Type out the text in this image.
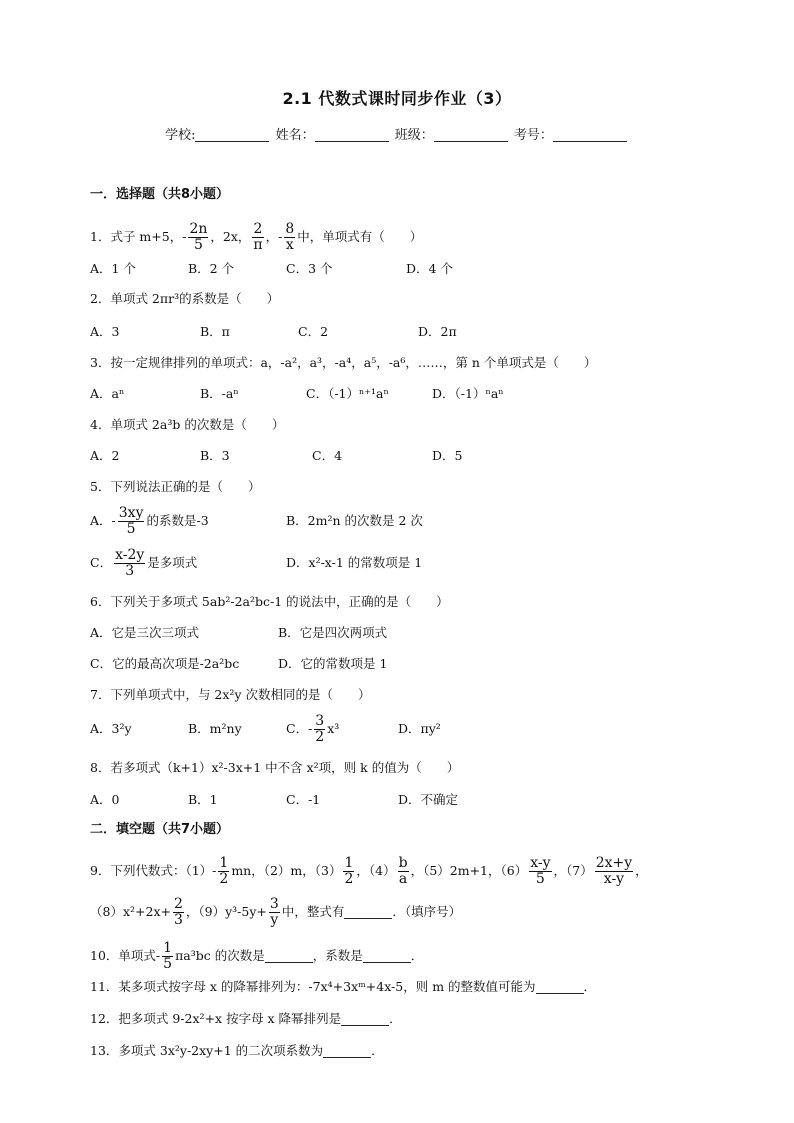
2.1 代数式课时同步作业（3）
学校:	姓名：	班级：	考号：
一．选择题（共8小题）
1．式子 m+5，- $\frac{2n}{5}$ ，2x， $\frac{2}{\pi}$ ，- $\frac{8}{x}$ 中，单项式有（　　）
A．1 个	B．2 个	C．3 个	D．4 个
2．单项式 2πr³的系数是（　　）
A．3	B．π	C．2	D．2π
3．按一定规律排列的单项式：a，-a²，a³，-a⁴，a⁵，-a⁶，……，第 n 个单项式是（　　）
A．aⁿ	B．-aⁿ	C．（-1）ⁿ⁺¹aⁿ	D．（-1）ⁿaⁿ
4．单项式 2a³b 的次数是（　　）
A．2	B．3	C．4	D．5
5．下列说法正确的是（　　）
A．- $\frac{3xy}{5}$ 的系数是-3	B．2m²n 的次数是 2 次
C． $\frac{x-2y}{3}$ 是多项式	D．x²-x-1 的常数项是 1
6．下列关于多项式 5ab²-2a²bc-1 的说法中，正确的是（　　）
A．它是三次三项式	B．它是四次两项式
C．它的最高次项是-2a²bc	D．它的常数项是 1
7．下列单项式中，与 2x²y 次数相同的是（　　）
A．3²y	B．m²ny	C．- $\frac{3}{2} x^3$	D．πy²
8．若多项式（k+1）x²-3x+1 中不含 x²项，则 k 的值为（　　）
A．0	B．1	C．-1	D．不确定
二．填空题（共7小题）
9．下列代数式：$(1)- \frac{1}{2}$ mn，（2）m，$(3) \frac{1}{2}$ ，$(4) \frac{b}{a}$ ，（5）2m+1，$(6) \frac{x-y}{5}$ ，$(7) \frac{2x+y}{x-y}$ ，
$(8)x^2+2x+ \frac{2}{3}$ ，$(9)y^3-5y+ \frac{3}{y}$ 中，整式有	．（填序号）
10．单项式- $\frac{1}{5} \pi a^3bc$ 的次数是	，系数是	．
11．某多项式按字母 x 的降幂排列为：-7x⁴+3xᵐ+4x-5，则 m 的整数值可能为	．
12．把多项式 9-2x²+x 按字母 x 降幂排列是	．
13．多项式 3x²y-2xy+1 的二次项系数为	．
